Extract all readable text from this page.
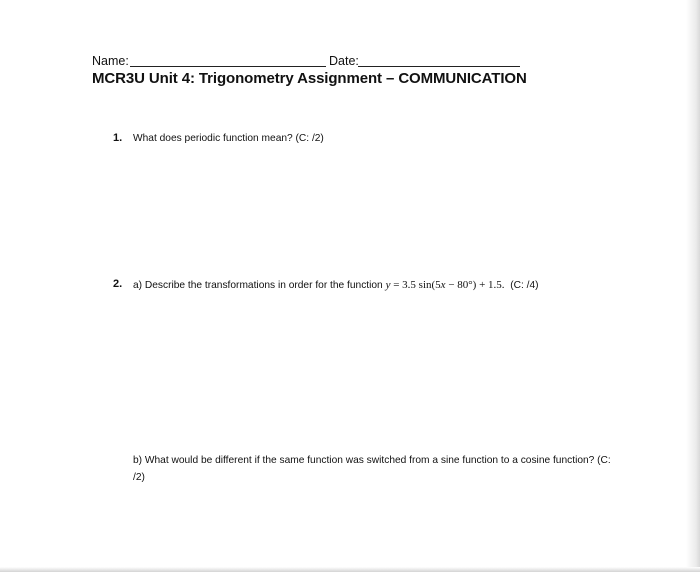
Name:	Date:
MCR3U Unit 4: Trigonometry Assignment – COMMUNICATION
1. What does periodic function mean? (C: /2)
2. a) Describe the transformations in order for the function y = 3.5 sin(5x − 80°) + 1.5. (C: /4)
b) What would be different if the same function was switched from a sine function to a cosine function? (C: /2)
